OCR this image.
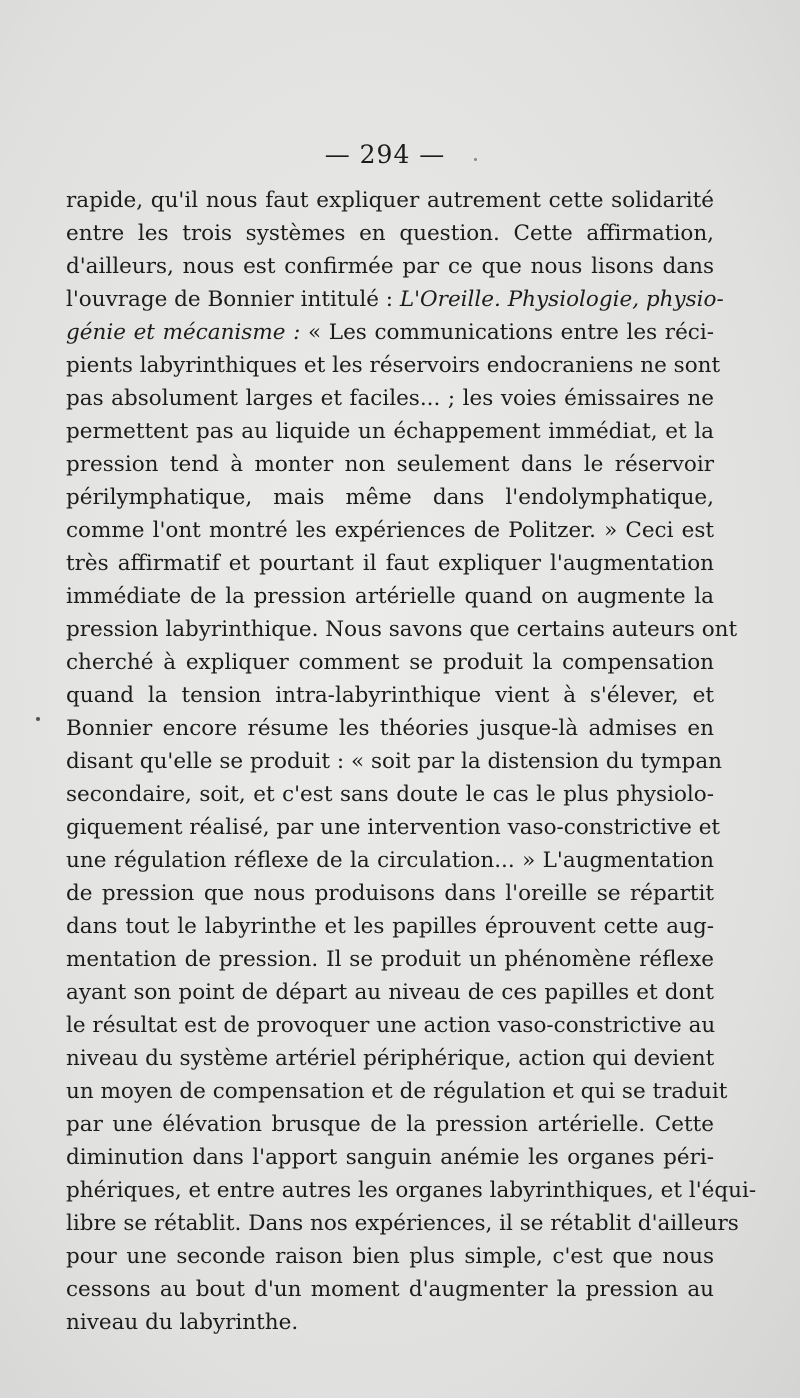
— 294 —
rapide, qu'il nous faut expliquer autrement cette solidarité
entre les trois systèmes en question. Cette affirmation,
d'ailleurs, nous est confirmée par ce que nous lisons dans
l'ouvrage de Bonnier intitulé : L'Oreille. Physiologie, physio-
génie et mécanisme : « Les communications entre les réci-
pients labyrinthiques et les réservoirs endocraniens ne sont
pas absolument larges et faciles... ; les voies émissaires ne
permettent pas au liquide un échappement immédiat, et la
pression tend à monter non seulement dans le réservoir
périlymphatique, mais même dans l'endolymphatique,
comme l'ont montré les expériences de Politzer. » Ceci est
très affirmatif et pourtant il faut expliquer l'augmentation
immédiate de la pression artérielle quand on augmente la
pression labyrinthique. Nous savons que certains auteurs ont
cherché à expliquer comment se produit la compensation
quand la tension intra-labyrinthique vient à s'élever, et
Bonnier encore résume les théories jusque-là admises en
disant qu'elle se produit : « soit par la distension du tympan
secondaire, soit, et c'est sans doute le cas le plus physiolo-
giquement réalisé, par une intervention vaso-constrictive et
une régulation réflexe de la circulation... » L'augmentation
de pression que nous produisons dans l'oreille se répartit
dans tout le labyrinthe et les papilles éprouvent cette aug-
mentation de pression. Il se produit un phénomène réflexe
ayant son point de départ au niveau de ces papilles et dont
le résultat est de provoquer une action vaso-constrictive au
niveau du système artériel périphérique, action qui devient
un moyen de compensation et de régulation et qui se traduit
par une élévation brusque de la pression artérielle. Cette
diminution dans l'apport sanguin anémie les organes péri-
phériques, et entre autres les organes labyrinthiques, et l'équi-
libre se rétablit. Dans nos expériences, il se rétablit d'ailleurs
pour une seconde raison bien plus simple, c'est que nous
cessons au bout d'un moment d'augmenter la pression au
niveau du labyrinthe.
